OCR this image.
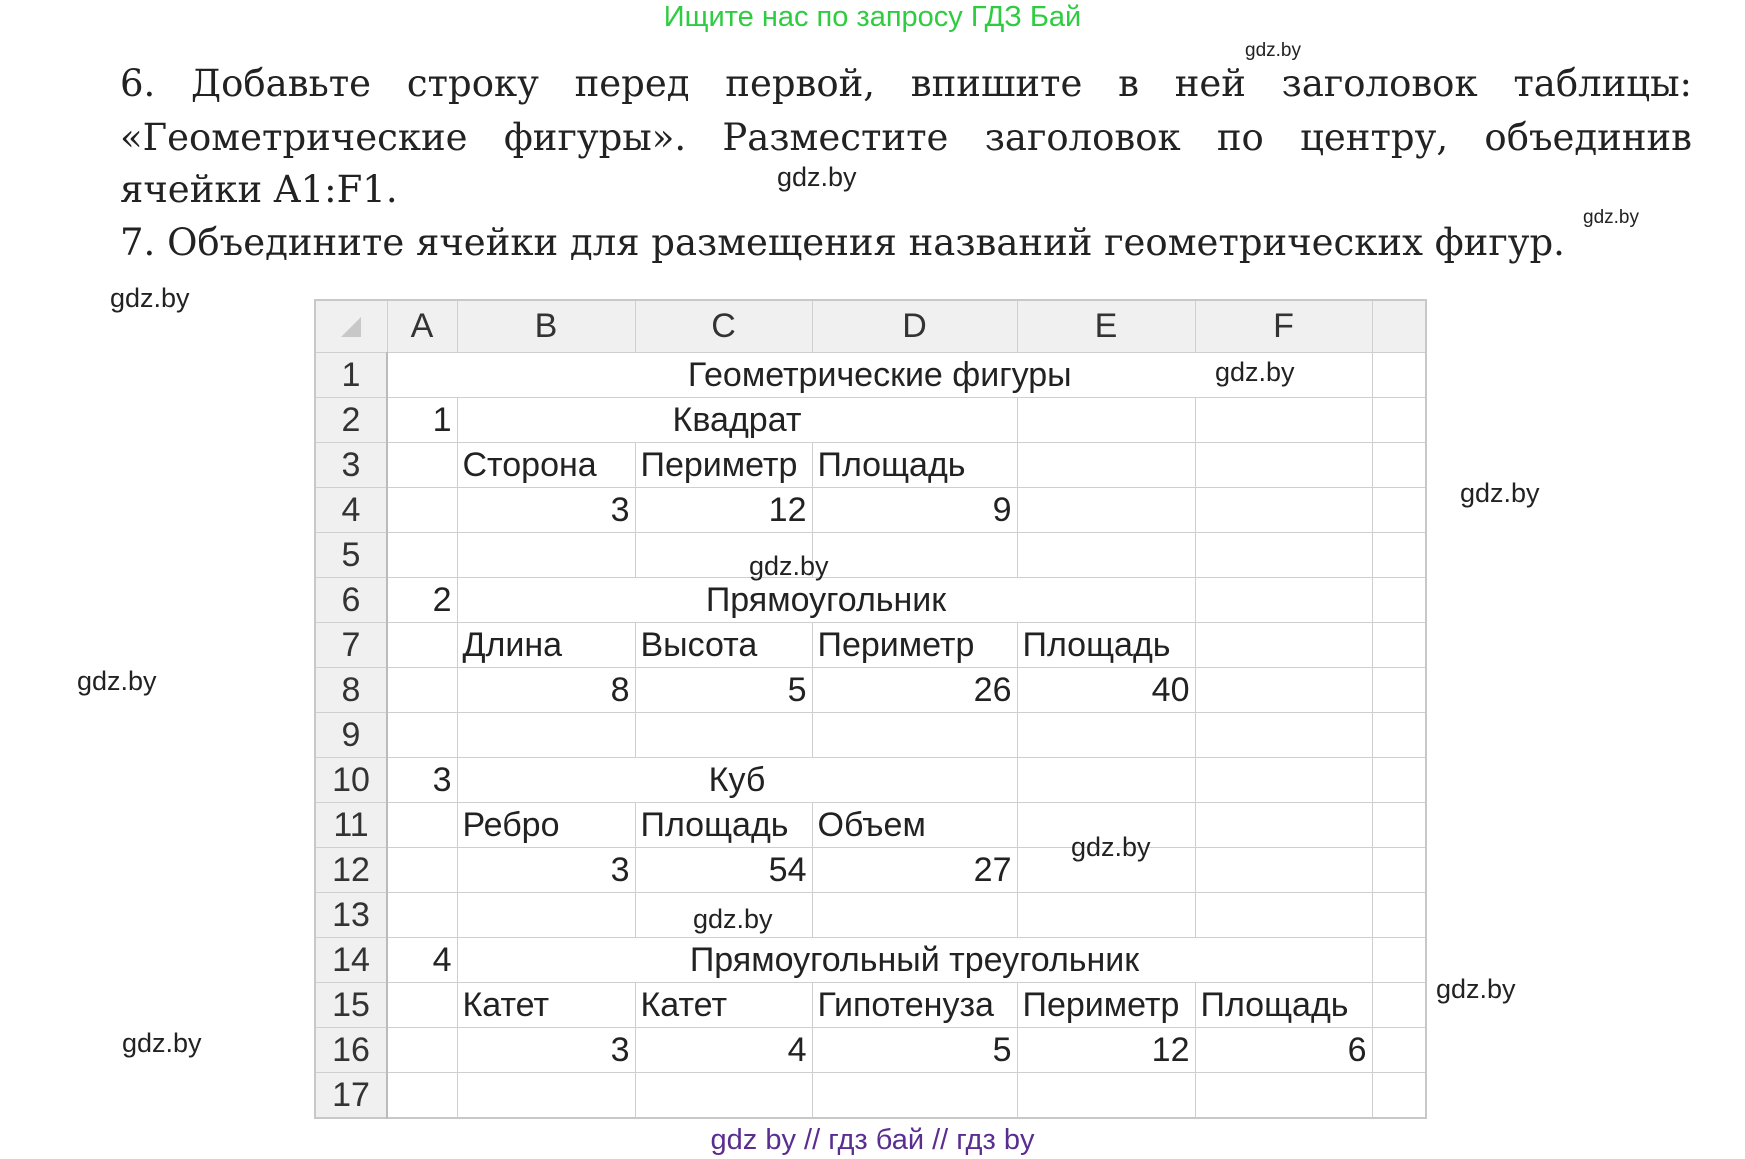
Ищите нас по запросу ГДЗ Бай
gdz.by
6. Добавьте строку перед первой, впишите в ней заголовок таблицы:
«Геометрические фигуры». Разместите заголовок по центру, объединив
ячейки A1:F1.
7. Объедините ячейки для размещения названий геометрических фигур.
gdz.by
gdz.by
	A	B	C	D	E	F	
1	Геометрические фигуры						
2	1	Квадрат					
3		Сторона	Периметр	Площадь			
4		3	12	9			
5							
6	2	Прямоугольник					
7		Длина	Высота	Периметр	Площадь		
8		8	5	26	40		
9							
10	3	Куб					
11		Ребро	Площадь	Объем			
12		3	54	27			
13							
14	4	Прямоугольный треугольник					
15		Катет	Катет	Гипотенуза	Периметр	Площадь	
16		3	4	5	12	6	
17							
gdz.by
gdz.by
gdz.by
gdz.by
gdz.by
gdz.by
gdz.by
gdz.by
gdz.by
gdz by // гдз бай // гдз by
